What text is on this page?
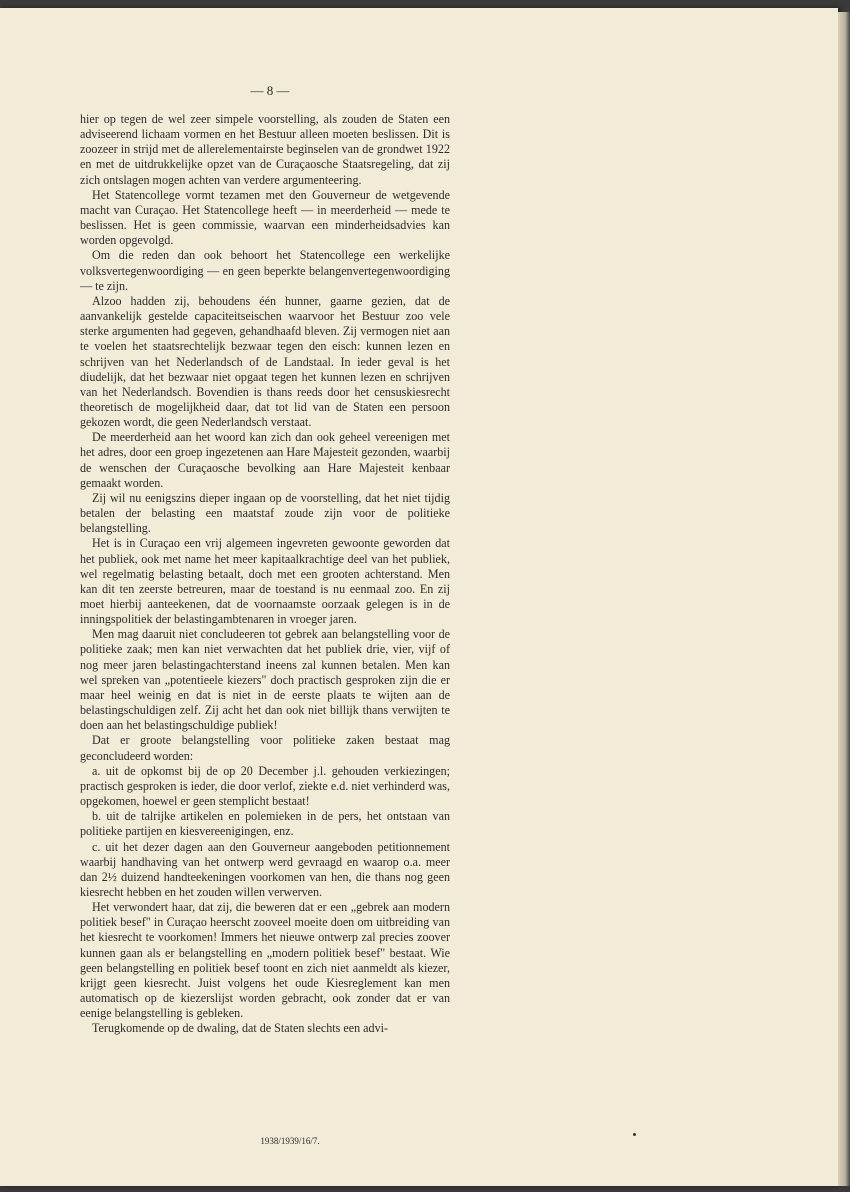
— 8 —

hier op tegen de wel zeer simpele voorstelling, als zouden de Staten een adviseerend lichaam vormen en het Bestuur alleen moeten beslissen. Dit is zoozeer in strijd met de allerelementairste beginselen van de grondwet 1922 en met de uitdrukkelijke opzet van de Curaçaosche Staatsregeling, dat zij zich ontslagen mogen achten van verdere argumenteering.

Het Statencollege vormt tezamen met den Gouverneur de wetgevende macht van Curaçao. Het Statencollege heeft — in meerderheid — mede te beslissen. Het is geen commissie, waarvan een minderheidsadvies kan worden opgevolgd.

Om die reden dan ook behoort het Statencollege een werkelijke volksvertegenwoordiging — en geen beperkte belangenvertegenwoordiging — te zijn.

Alzoo hadden zij, behoudens één hunner, gaarne gezien, dat de aanvankelijk gestelde capaciteitseischen waarvoor het Bestuur zoo vele sterke argumenten had gegeven, gehandhaafd bleven. Zij vermogen niet aan te voelen het staatsrechtelijk bezwaar tegen den eisch: kunnen lezen en schrijven van het Nederlandsch of de Landstaal. In ieder geval is het diudelijk, dat het bezwaar niet opgaat tegen het kunnen lezen en schrijven van het Nederlandsch. Bovendien is thans reeds door het censuskiesrecht theoretisch de mogelijkheid daar, dat tot lid van de Staten een persoon gekozen wordt, die geen Nederlandsch verstaat.

De meerderheid aan het woord kan zich dan ook geheel vereenigen met het adres, door een groep ingezetenen aan Hare Majesteit gezonden, waarbij de wenschen der Curaçaosche bevolking aan Hare Majesteit kenbaar gemaakt worden.

Zij wil nu eenigszins dieper ingaan op de voorstelling, dat het niet tijdig betalen der belasting een maatstaf zoude zijn voor de politieke belangstelling.

Het is in Curaçao een vrij algemeen ingevreten gewoonte geworden dat het publiek, ook met name het meer kapitaalkrachtige deel van het publiek, wel regelmatig belasting betaalt, doch met een grooten achterstand. Men kan dit ten zeerste betreuren, maar de toestand is nu eenmaal zoo. En zij moet hierbij aanteekenen, dat de voornaamste oorzaak gelegen is in de inningspolitiek der belastingambtenaren in vroeger jaren.

Men mag daaruit niet concludeeren tot gebrek aan belangstelling voor de politieke zaak; men kan niet verwachten dat het publiek drie, vier, vijf of nog meer jaren belastingachterstand ineens zal kunnen betalen. Men kan wel spreken van „potentieele kiezers" doch practisch gesproken zijn die er maar heel weinig en dat is niet in de eerste plaats te wijten aan de belastingschuldigen zelf. Zij acht het dan ook niet billijk thans verwijten te doen aan het belastingschuldige publiek!

Dat er groote belangstelling voor politieke zaken bestaat mag geconcludeerd worden:

a. uit de opkomst bij de op 20 December j.l. gehouden verkiezingen; practisch gesproken is ieder, die door verlof, ziekte e.d. niet verhinderd was, opgekomen, hoewel er geen stemplicht bestaat!

b. uit de talrijke artikelen en polemieken in de pers, het ontstaan van politieke partijen en kiesvereenigingen, enz.

c. uit het dezer dagen aan den Gouverneur aangeboden petitionnement waarbij handhaving van het ontwerp werd gevraagd en waarop o.a. meer dan 2½ duizend handteekeningen voorkomen van hen, die thans nog geen kiesrecht hebben en het zouden willen verwerven.

Het verwondert haar, dat zij, die beweren dat er een „gebrek aan modern politiek besef" in Curaçao heerscht zooveel moeite doen om uitbreiding van het kiesrecht te voorkomen! Immers het nieuwe ontwerp zal precies zoover kunnen gaan als er belangstelling en „modern politiek besef" bestaat. Wie geen belangstelling en politiek besef toont en zich niet aanmeldt als kiezer, krijgt geen kiesrecht. Juist volgens het oude Kiesreglement kan men automatisch op de kiezerslijst worden gebracht, ook zonder dat er van eenige belangstelling is gebleken.

Terugkomende op de dwaling, dat de Staten slechts een advi-

1938/1939/16/7.
